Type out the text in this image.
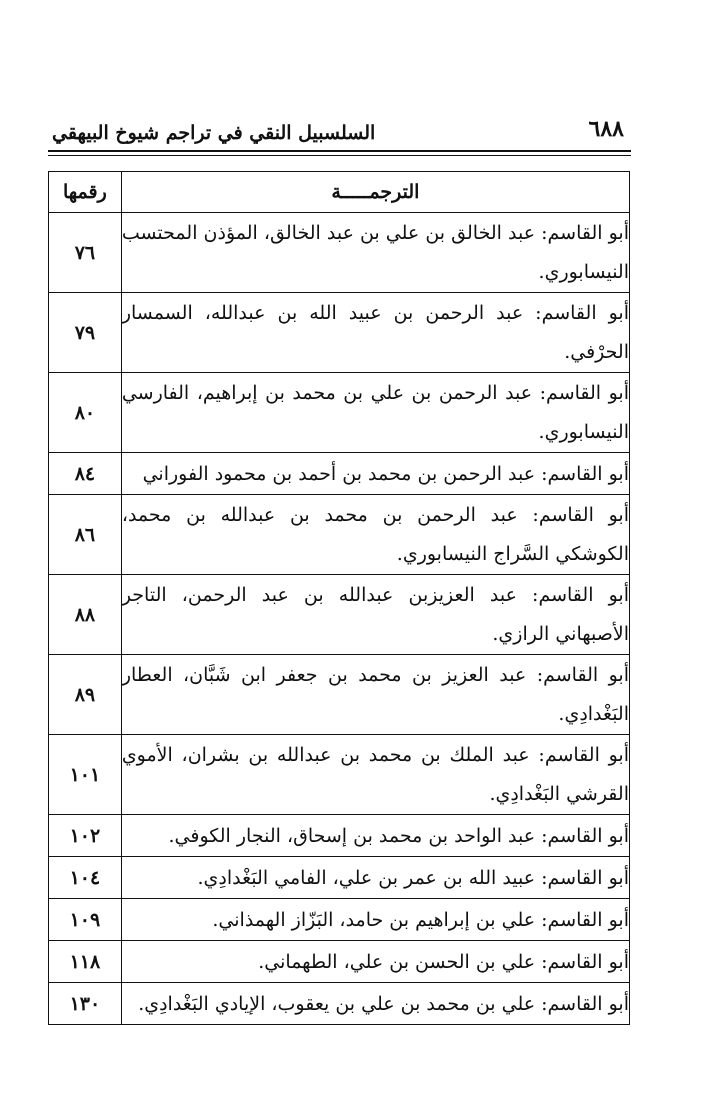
٦٨٨
السلسبيل النقي في تراجم شيوخ البيهقي
الترجمـــــة	رقمها
أبو القاسم: عبد الخالق بن علي بن عبد الخالق، المؤذن المحتسب النيسابوري.	٧٦
أبو القاسم: عبد الرحمن بن عبيد الله بن عبدالله، السمسار الحرْفي.	٧٩
أبو القاسم: عبد الرحمن بن علي بن محمد بن إبراهيم، الفارسي النيسابوري.	٨٠
أبو القاسم: عبد الرحمن بن محمد بن أحمد بن محمود الفوراني	٨٤
أبو القاسم: عبد الرحمن بن محمد بن عبدالله بن محمد، الكوشكي السَّراج النيسابوري.	٨٦
أبو القاسم: عبد العزيزبن عبدالله بن عبد الرحمن، التاجر الأصبهاني الرازي.	٨٨
أبو القاسم: عبد العزيز بن محمد بن جعفر ابن شَبَّان، العطار البَغْدادِي.	٨٩
أبو القاسم: عبد الملك بن محمد بن عبدالله بن بشران، الأموي القرشي البَغْدادِي.	١٠١
أبو القاسم: عبد الواحد بن محمد بن إسحاق، النجار الكوفي.	١٠٢
أبو القاسم: عبيد الله بن عمر بن علي، الفامي البَغْدادِي.	١٠٤
أبو القاسم: علي بن إبراهيم بن حامد، البَزّاز الهمذاني.	١٠٩
أبو القاسم: علي بن الحسن بن علي، الطهماني.	١١٨
أبو القاسم: علي بن محمد بن علي بن يعقوب، الإيادي البَغْدادِي.	١٣٠
